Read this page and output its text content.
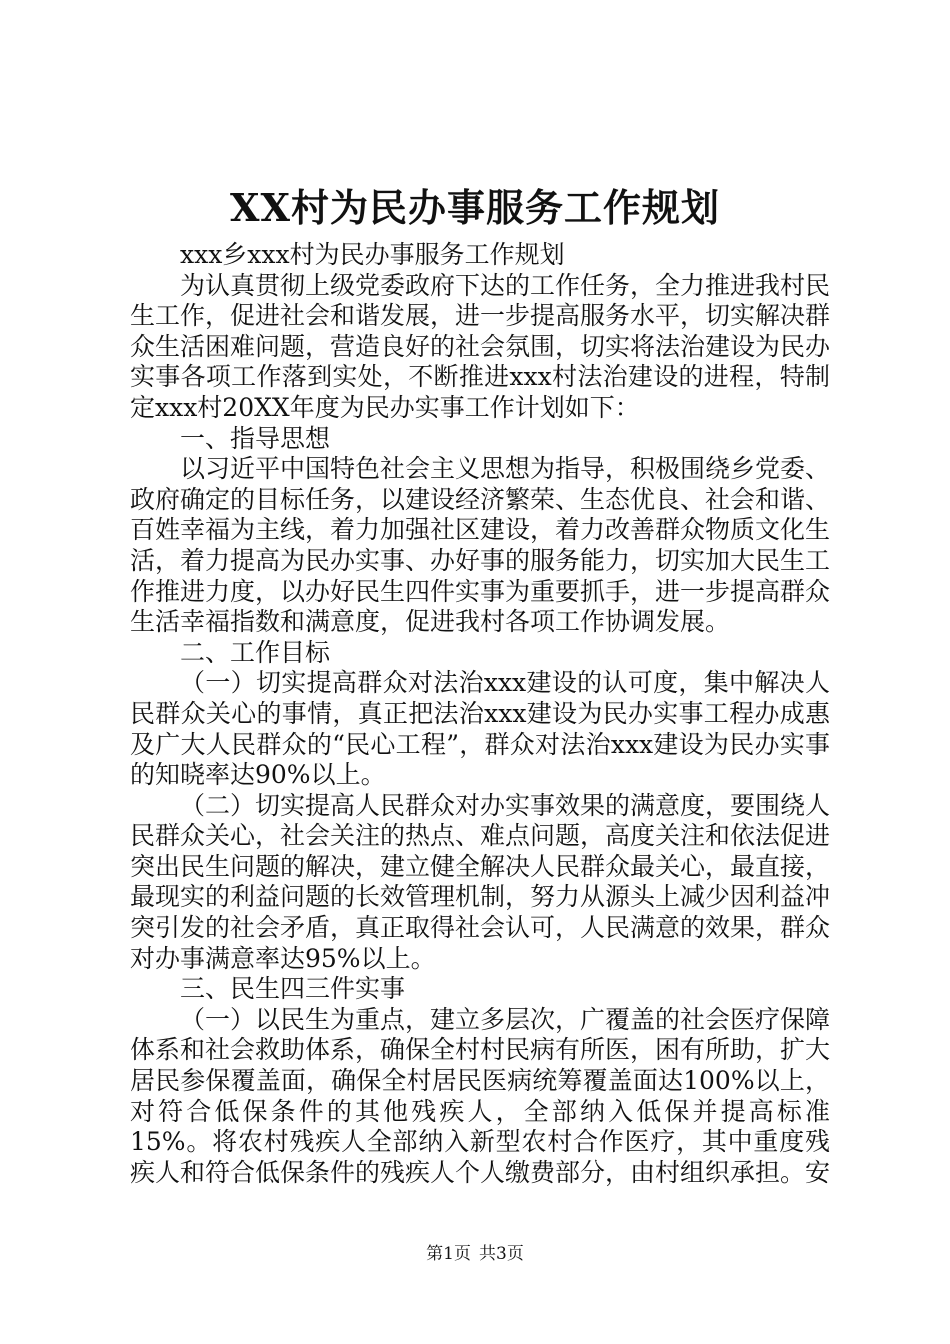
XX村为民办事服务工作规划

xxx乡xxx村为民办事服务工作规划

为认真贯彻上级党委政府下达的工作任务，全力推进我村民生工作，促进社会和谐发展，进一步提高服务水平，切实解决群众生活困难问题，营造良好的社会氛围，切实将法治建设为民办实事各项工作落到实处，不断推进xxx村法治建设的进程，特制定xxx村20XX年度为民办实事工作计划如下：

一、指导思想

以习近平中国特色社会主义思想为指导，积极围绕乡党委、政府确定的目标任务，以建设经济繁荣、生态优良、社会和谐、百姓幸福为主线，着力加强社区建设，着力改善群众物质文化生活，着力提高为民办实事、办好事的服务能力，切实加大民生工作推进力度，以办好民生四件实事为重要抓手，进一步提高群众生活幸福指数和满意度，促进我村各项工作协调发展。

二、工作目标

（一）切实提高群众对法治xxx建设的认可度，集中解决人民群众关心的事情，真正把法治xxx建设为民办实事工程办成惠及广大人民群众的“民心工程”，群众对法治xxx建设为民办实事的知晓率达90%以上。

（二）切实提高人民群众对办实事效果的满意度，要围绕人民群众关心，社会关注的热点、难点问题，高度关注和依法促进突出民生问题的解决，建立健全解决人民群众最关心，最直接，最现实的利益问题的长效管理机制，努力从源头上减少因利益冲突引发的社会矛盾，真正取得社会认可，人民满意的效果，群众对办事满意率达95%以上。

三、民生四三件实事

（一）以民生为重点，建立多层次，广覆盖的社会医疗保障体系和社会救助体系，确保全村村民病有所医，困有所助，扩大居民参保覆盖面，确保全村居民医病统筹覆盖面达100%以上，对符合低保条件的其他残疾人，全部纳入低保并提高标准15%。将农村残疾人全部纳入新型农村合作医疗，其中重度残疾人和符合低保条件的残疾人个人缴费部分，由村组织承担。安

第1页 共3页
